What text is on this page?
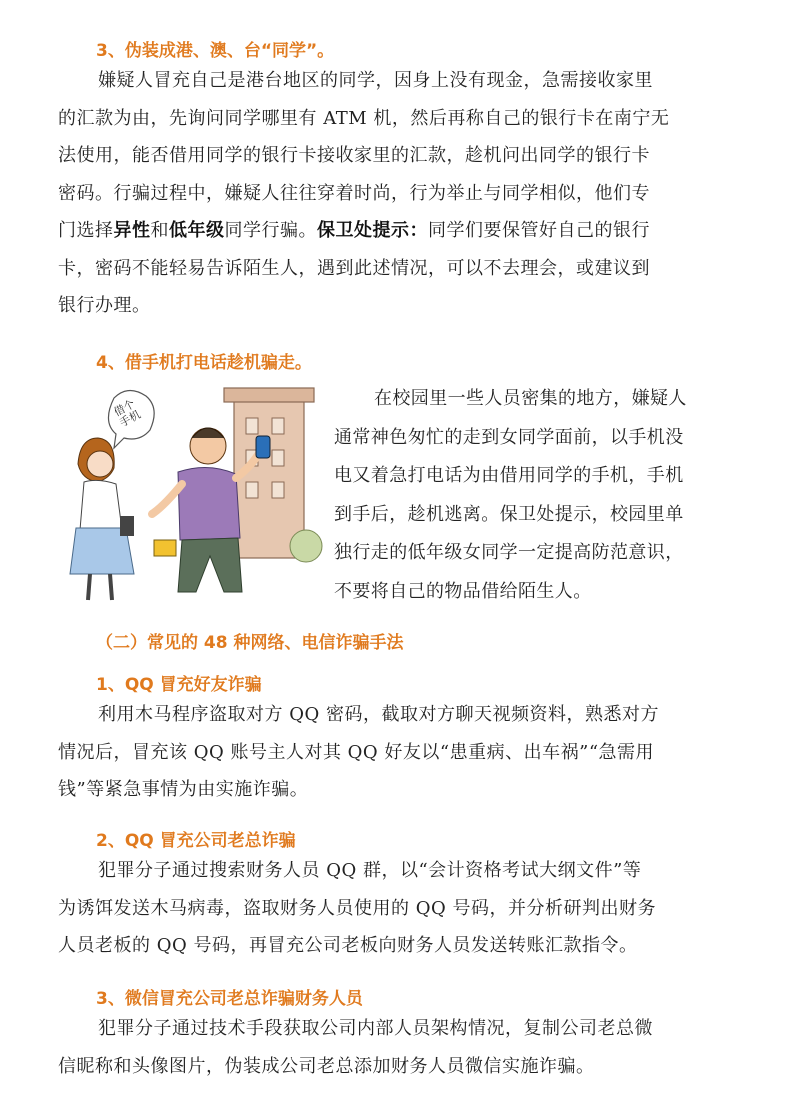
3、伪装成港、澳、台“同学”。
嫌疑人冒充自己是港台地区的同学，因身上没有现金，急需接收家里
的汇款为由，先询问同学哪里有 ATM 机，然后再称自己的银行卡在南宁无
法使用，能否借用同学的银行卡接收家里的汇款，趁机问出同学的银行卡
密码。行骗过程中，嫌疑人往往穿着时尚，行为举止与同学相似，他们专
门选择异性和低年级同学行骗。保卫处提示：同学们要保管好自己的银行
卡，密码不能轻易告诉陌生人，遇到此述情况，可以不去理会，或建议到
银行办理。
4、借手机打电话趁机骗走。
借个
手机
在校园里一些人员密集的地方，嫌疑人
通常神色匆忙的走到女同学面前，以手机没
电又着急打电话为由借用同学的手机，手机
到手后，趁机逃离。保卫处提示，校园里单
独行走的低年级女同学一定提高防范意识，
不要将自己的物品借给陌生人。
（二）常见的 48 种网络、电信诈骗手法
1、QQ 冒充好友诈骗
利用木马程序盗取对方 QQ 密码，截取对方聊天视频资料，熟悉对方
情况后，冒充该 QQ 账号主人对其 QQ 好友以“患重病、出车祸”“急需用
钱”等紧急事情为由实施诈骗。
2、QQ 冒充公司老总诈骗
犯罪分子通过搜索财务人员 QQ 群，以“会计资格考试大纲文件”等
为诱饵发送木马病毒，盗取财务人员使用的 QQ 号码，并分析研判出财务
人员老板的 QQ 号码，再冒充公司老板向财务人员发送转账汇款指令。
3、微信冒充公司老总诈骗财务人员
犯罪分子通过技术手段获取公司内部人员架构情况，复制公司老总微
信昵称和头像图片，伪装成公司老总添加财务人员微信实施诈骗。
